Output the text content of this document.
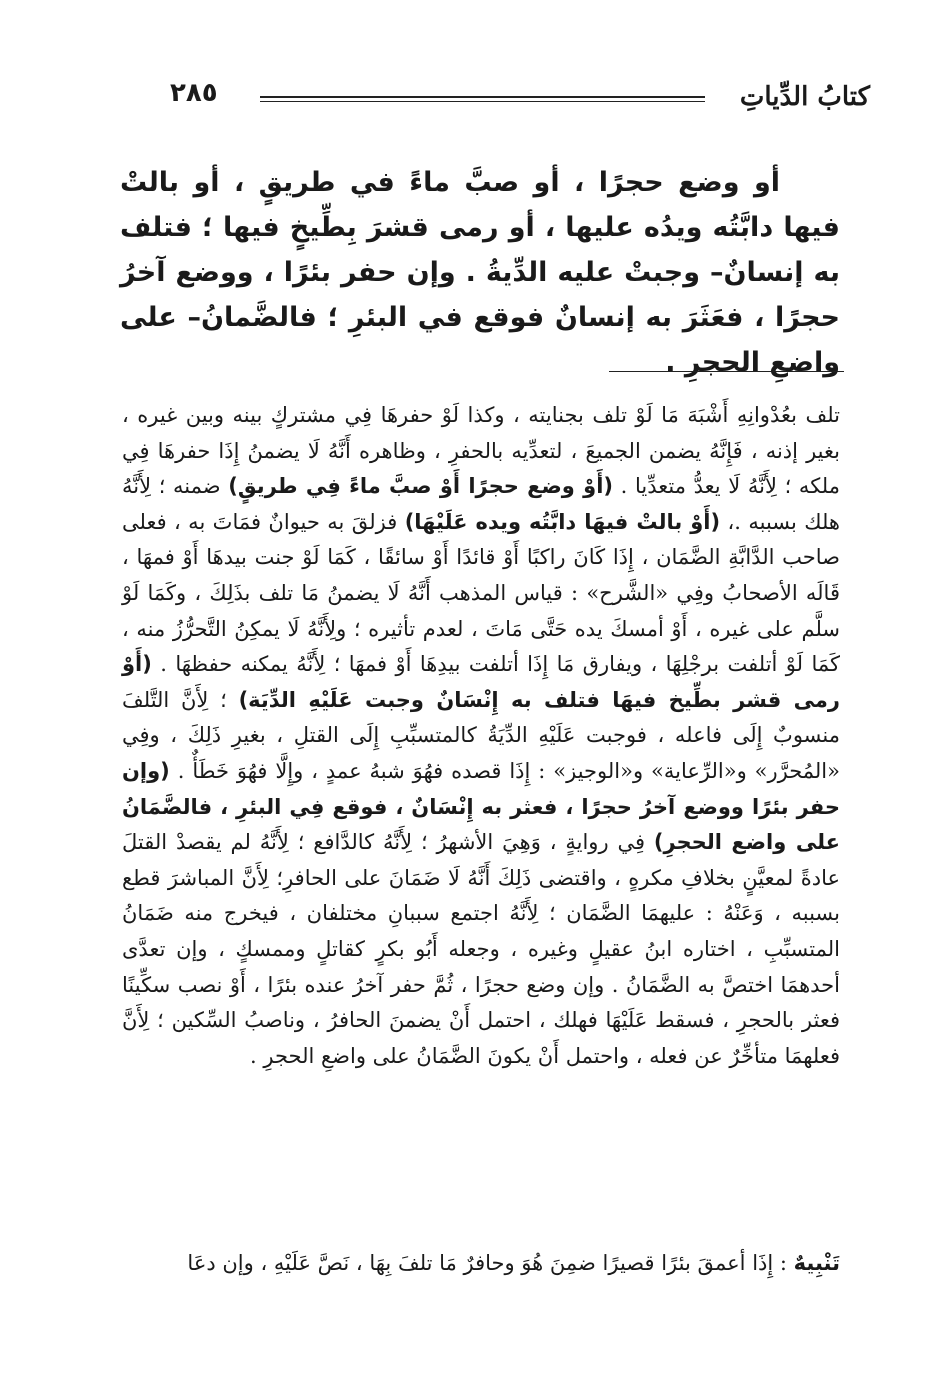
كتابُ الدِّياتِ
٢٨٥

أو وضع حجرًا ، أو صبَّ ماءً في طريقٍ ، أو بالتْ فيها دابَّتُه ويدُه عليها ، أو رمى قشرَ بِطِّيخٍ فيها ؛ فتلف به إنسانٌ– وجبتْ عليه الدِّيةُ . وإن حفر بئرًا ، ووضع آخرُ حجرًا ، فعَثَرَ به إنسانٌ فوقع في البئرِ ؛ فالضَّمانُ– على واضعِ الحجرِ .

تلف بعُدْوانِهِ أَشْبَهَ مَا لَوْ تلف بجنايته ، وكذا لَوْ حفرهَا فِي مشتركٍ بينه وبين غيره ، بغير إذنه ، فَإِنَّهُ يضمن الجميعَ ، لتعدِّيه بالحفرِ ، وظاهره أَنَّهُ لَا يضمنُ إِذَا حفرهَا فِي ملكه ؛ لِأَنَّهُ لَا يعدُّ متعدِّيا . (أَوْ وضع حجرًا أَوْ صبَّ ماءً فِي طريقٍ) ضمنه ؛ لِأَنَّهُ هلك بسببه .، (أَوْ بالتْ فيهَا دابَّتُه ويده عَلَيْهَا) فزلقَ به حيوانٌ فمَاتَ به ، فعلى صاحب الدَّابَّةِ الضَّمَان ، إِذَا كَانَ راكبًا أَوْ قائدًا أَوْ سائقًا ، كَمَا لَوْ جنت بيدهَا أَوْ فمهَا ، قَالَه الأصحابُ وفِي «الشَّرح» : قياس المذهب أَنَّهُ لَا يضمنُ مَا تلف بذَلِكَ ، وكَمَا لَوْ سلَّم على غيره ، أَوْ أمسكَ يده حَتَّى مَاتَ ، لعدم تأثيره ؛ ولِأَنَّهُ لَا يمكِنُ التَّحرُّزُ منه ، كَمَا لَوْ أتلفت برجْلِهَا ، ويفارق مَا إِذَا أتلفت بيدِهَا أَوْ فمهَا ؛ لِأَنَّهُ يمكنه حفظهَا . (أَوْ رمى قشر بطِّيخ فيهَا فتلف به إِنْسَانٌ وجبت عَلَيْهِ الدِّيَة) ؛ لِأَنَّ التَّلفَ منسوبٌ إِلَى فاعله ، فوجبت عَلَيْهِ الدِّيَةُ كالمتسبِّبِ إِلَى القتلِ ، بغيرِ ذَلِكَ ، وفِي «المُحرَّر» و«الرِّعاية» و«الوجيز» : إِذَا قصده فهُوَ شبهُ عمدٍ ، وإِلَّا فهُوَ خَطَأٌ . (وإن حفر بئرًا ووضع آخرُ حجرًا ، فعثر به إِنْسَانٌ ، فوقع فِي البئرِ ، فالضَّمَانُ على واضع الحجرِ) فِي روايةٍ ، وَهِيَ الأشهرُ ؛ لِأَنَّهُ كالدَّافع ؛ لِأَنَّهُ لم يقصدْ القتلَ عادةً لمعيَّنٍ بخلافِ مكرهٍ ، واقتضى ذَلِكَ أَنَّهُ لَا ضَمَانَ على الحافرِ؛ لِأَنَّ المباشرَ قطع بسببه ، وَعَنْهُ : عليهمَا الضَّمَان ؛ لِأَنَّهُ اجتمع سببانِ مختلفان ، فيخرج منه ضَمَانُ المتسبِّبِ ، اختاره ابنُ عقيلٍ وغيره ، وجعله أَبُو بكرٍ كقاتلٍ وممسكٍ ، وإن تعدَّى أحدهمَا اختصَّ به الضَّمَانُ . وإن وضع حجرًا ، ثُمَّ حفر آخرُ عنده بئرًا ، أَوْ نصب سكِّينًا فعثر بالحجرِ ، فسقط عَلَيْهَا فهلك ، احتمل أَنْ يضمنَ الحافرُ ، وناصبُ السِّكين ؛ لِأَنَّ فعلهمَا متأخِّرٌ عن فعله ، واحتمل أَنْ يكونَ الضَّمَانُ على واضعِ الحجرِ .

تَنْبِيهٌ : إِذَا أعمقَ بئرًا قصيرًا ضمِنَ هُوَ وحافرٌ مَا تلفَ بِهَا ، نَصَّ عَلَيْهِ ، وإن دعَا
